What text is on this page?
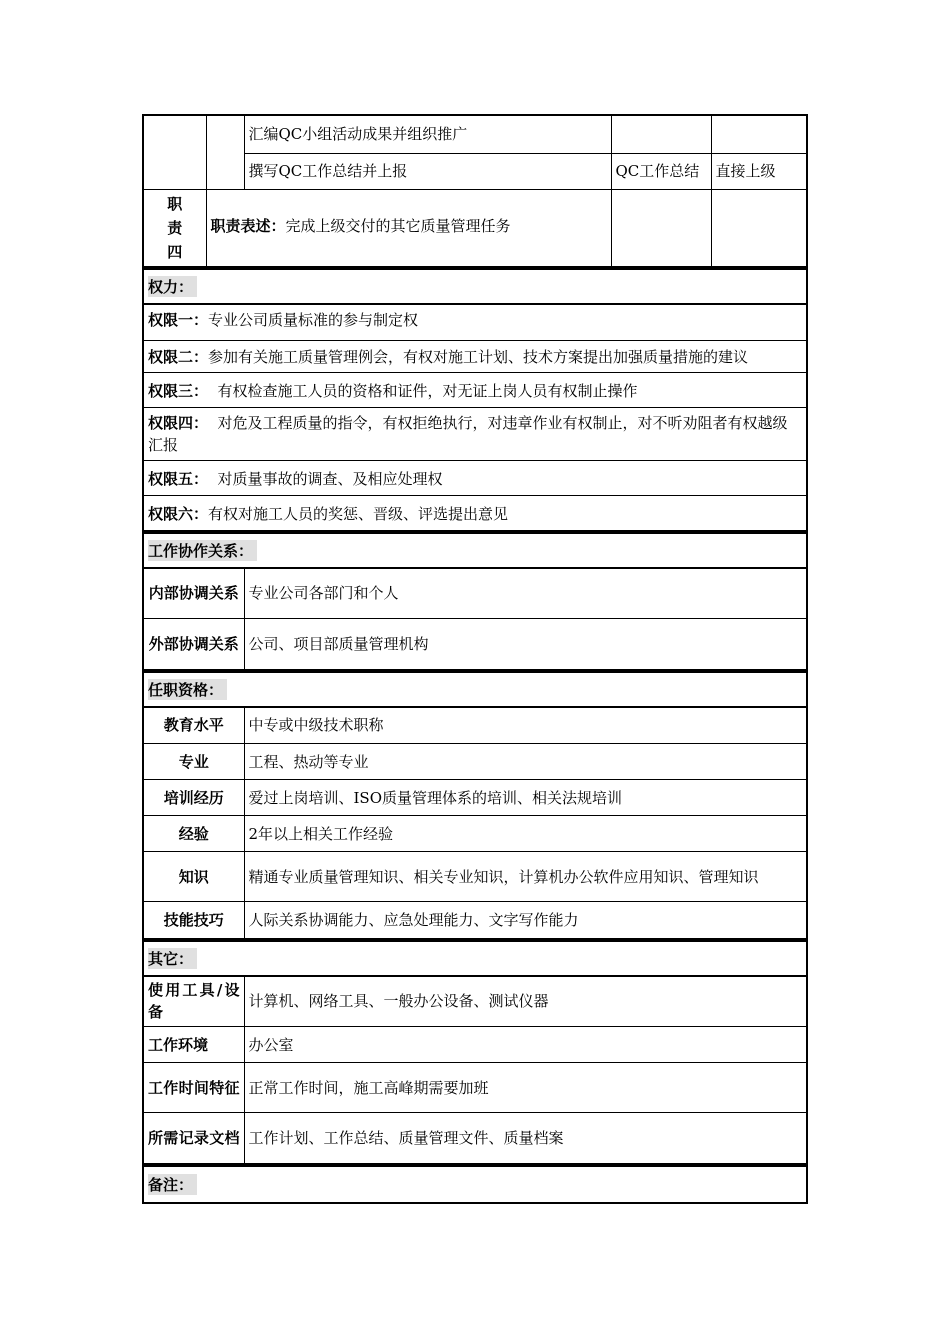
		汇编QC小组活动成果并组织推广		
		撰写QC工作总结并上报	QC工作总结	直接上级

职
责
四	职责表述：完成上级交付的其它质量管理任务			
权力：
权限一：专业公司质量标准的参与制定权
权限二：参加有关施工质量管理例会，有权对施工计划、技术方案提出加强质量措施的建议
权限三：  有权检查施工人员的资格和证件，对无证上岗人员有权制止操作
权限四：  对危及工程质量的指令，有权拒绝执行，对违章作业有权制止，对不听劝阻者有权越级汇报
权限五：  对质量事故的调查、及相应处理权
权限六：有权对施工人员的奖惩、晋级、评选提出意见
工作协作关系：
内部协调关系	专业公司各部门和个人
外部协调关系	公司、项目部质量管理机构
任职资格：
教育水平	中专或中级技术职称
专业	工程、热动等专业
培训经历	爱过上岗培训、ISO质量管理体系的培训、相关法规培训
经验	2年以上相关工作经验
知识	精通专业质量管理知识、相关专业知识，计算机办公软件应用知识、管理知识
技能技巧	人际关系协调能力、应急处理能力、文字写作能力
其它：
使用工具/设备	计算机、网络工具、一般办公设备、测试仪器
工作环境	办公室
工作时间特征	正常工作时间，施工高峰期需要加班
所需记录文档	工作计划、工作总结、质量管理文件、质量档案
备注：
